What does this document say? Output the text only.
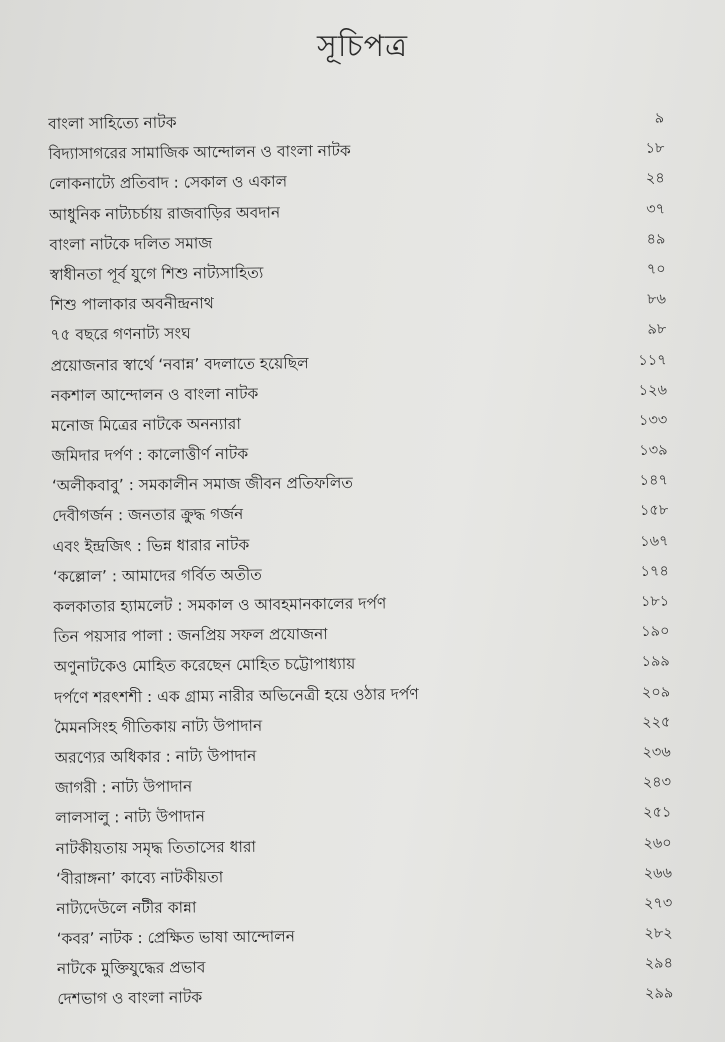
সূচিপত্র
বাংলা সাহিত্যে নাটক	৯
বিদ্যাসাগরের সামাজিক আন্দোলন ও বাংলা নাটক	১৮
লোকনাট্যে প্রতিবাদ : সেকাল ও একাল	২৪
আধুনিক নাট্যচর্চায় রাজবাড়ির অবদান	৩৭
বাংলা নাটকে দলিত সমাজ	৪৯
স্বাধীনতা পূর্ব যুগে শিশু নাট্যসাহিত্য	৭০
শিশু পালাকার অবনীন্দ্রনাথ	৮৬
৭৫ বছরে গণনাট্য সংঘ	৯৮
প্রয়োজনার স্বার্থে ‘নবান্ন’ বদলাতে হয়েছিল	১১৭
নকশাল আন্দোলন ও বাংলা নাটক	১২৬
মনোজ মিত্রের নাটকে অনন্যারা	১৩৩
জমিদার দর্পণ : কালোত্তীর্ণ নাটক	১৩৯
‘অলীকবাবু’ : সমকালীন সমাজ জীবন প্রতিফলিত	১৪৭
দেবীগর্জন : জনতার ক্রুদ্ধ গর্জন	১৫৮
এবং ইন্দ্রজিৎ : ভিন্ন ধারার নাটক	১৬৭
‘কল্লোল’ : আমাদের গর্বিত অতীত	১৭৪
কলকাতার হ্যামলেট : সমকাল ও আবহমানকালের দর্পণ	১৮১
তিন পয়সার পালা : জনপ্রিয় সফল প্রযোজনা	১৯০
অণুনাটকেও মোহিত করেছেন মোহিত চট্টোপাধ্যায়	১৯৯
দর্পণে শরৎশশী : এক গ্রাম্য নারীর অভিনেত্রী হয়ে ওঠার দর্পণ	২০৯
মৈমনসিংহ গীতিকায় নাট্য উপাদান	২২৫
অরণ্যের অধিকার : নাট্য উপাদান	২৩৬
জাগরী : নাট্য উপাদান	২৪৩
লালসালু : নাট্য উপাদান	২৫১
নাটকীয়তায় সমৃদ্ধ তিতাসের ধারা	২৬০
‘বীরাঙ্গনা’ কাব্যে নাটকীয়তা	২৬৬
নাট্যদেউলে নটীর কান্না	২৭৩
‘কবর’ নাটক : প্রেক্ষিত ভাষা আন্দোলন	২৮২
নাটকে মুক্তিযুদ্ধের প্রভাব	২৯৪
দেশভাগ ও বাংলা নাটক	২৯৯
